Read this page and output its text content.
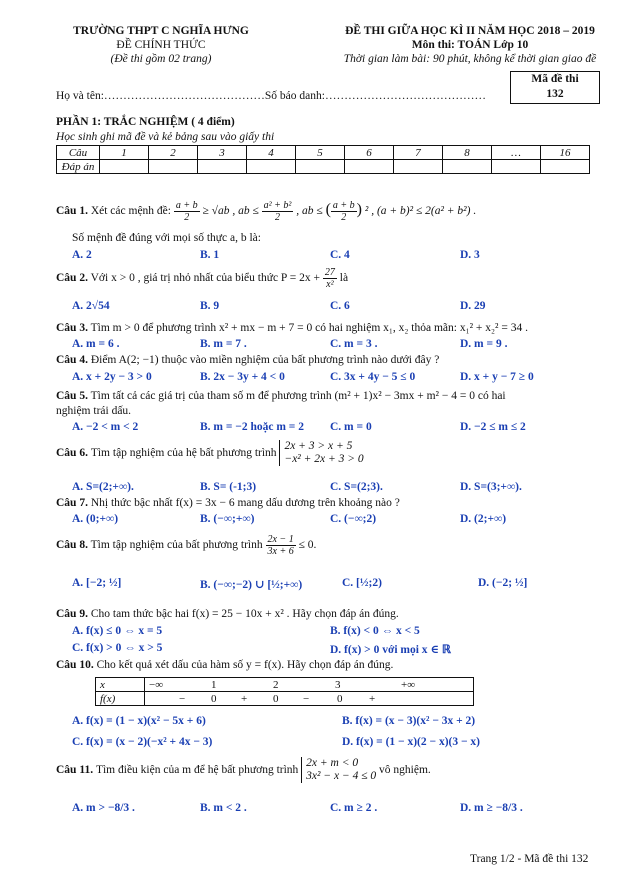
TRƯỜNG THPT C NGHĨA HƯNG
ĐỀ CHÍNH THỨC
(Đề thi gồm 02 trang)
ĐỀ THI GIỮA HỌC KÌ II NĂM HỌC 2018 – 2019
Môn thi: TOÁN Lớp 10
Thời gian làm bài: 90 phút, không kể thời gian giao đề
Mã đề thi
132
Họ và tên:……………………………………Số báo danh:……………………………………
PHẦN 1: TRẮC NGHIỆM ( 4 điểm)
Học sinh ghi mã đề và kẻ bảng sau vào giấy thi
Câu	1	2	3	4	5	6	7	8	…	16
Đáp án										
Câu 1. Xét các mệnh đề: $\frac{a + b}{2} \ge √ab$ , ab ≤ $\frac{\text{a² + b²}}{2}$ , ab ≤ ( $\frac{a + b}{2}$ ) ² , (a + b)² ≤ 2(a² + b²) .
Số mệnh đề đúng với mọi số thực a, b là:
A. 2	B. 1	C. 4	D. 3
Câu 2. Với x > 0 , giá trị nhỏ nhất của biểu thức $P = 2x + \frac{27}{\text{x²}}$ là
A. 2√54	B. 9	C. 6	D. 29
Câu 3. Tìm m > 0 để phương trình x² + mx − m + 7 = 0 có hai nghiệm x₁, x₂ thỏa mãn: x₁² + x₂² = 34 .
A. m = 6 .	B. m = 7 .	C. m = 3 .	D. m = 9 .
Câu 4. Điểm A(2; −1) thuộc vào miền nghiệm của bất phương trình nào dưới đây ?
A. x + 2y − 3 > 0	B. 2x − 3y + 4 < 0	C. 3x + 4y − 5 ≤ 0	D. x + y − 7 ≥ 0
Câu 5. Tìm tất cả các giá trị của tham số m để phương trình (m² + 1)x² − 3mx + m² − 4 = 0 có hai
nghiệm trái dấu.
A. −2 < m < 2	B. m = −2 hoặc m = 2 C. m = 0	D. −2 ≤ m ≤ 2
Câu 6. Tìm tập nghiệm của hệ bất phương trình
2x + 3 > x + 5
−x² + 2x + 3 > 0
A. S=(2;+∞).	B. S= (-1;3)	C. S=(2;3).	D. S=(3;+∞).
Câu 7. Nhị thức bậc nhất f(x) = 3x − 6 mang dấu dương trên khoảng nào ?
A. (0;+∞)	B. (−∞;+∞)	C. (−∞;2)	D. (2;+∞)
Câu 8. Tìm tập nghiệm của bất phương trình $\frac{2x - 1}{3x + 6} \le 0$.
A. [−2; ½]	B. (−∞;−2) ∪ [½;+∞)	C. [½;2)	D. (−2; ½]
Câu 9. Cho tam thức bậc hai f(x) = 25 − 10x + x² . Hãy chọn đáp án đúng.
A. f(x) ≤ 0 ⇔ x = 5	B. f(x) < 0 ⇔ x < 5
C. f(x) > 0 ⇔ x > 5	D. f(x) > 0 với mọi x ∈ ℝ
Câu 10. Cho kết quả xét dấu của hàm số y = f(x). Hãy chọn đáp án đúng.
x	−∞ 1 2 3 +∞
f(x)	− 0 + 0 − 0 +
A. f(x) = (1 − x)(x² − 5x + 6)	B. f(x) = (x − 3)(x² − 3x + 2)
C. f(x) = (x − 2)(−x² + 4x − 3)	D. f(x) = (1 − x)(2 − x)(3 − x)
Câu 11. Tìm điều kiện của m để hệ bất phương trình
2x + m < 0
3x² − x − 4 ≤ 0 vô nghiệm.
A. m > −8/3 .	B. m < 2 .	C. m ≥ 2 .	D. m ≥ −8/3 .
Trang 1/2 - Mã đề thi 132
